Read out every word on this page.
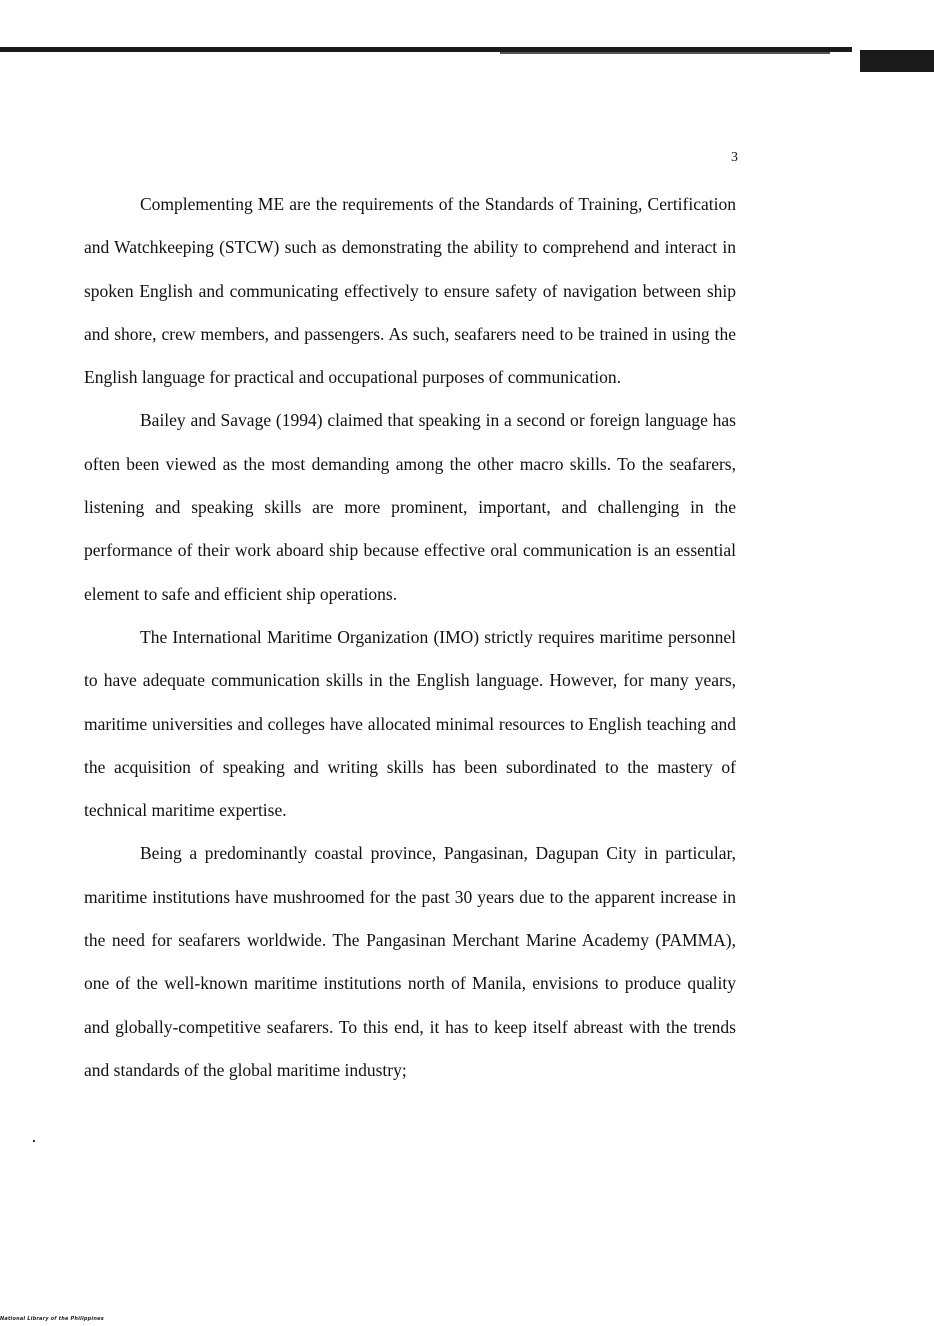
3

Complementing ME are the requirements of the Standards of Training, Certification and Watchkeeping (STCW) such as demonstrating the ability to comprehend and interact in spoken English and communicating effectively to ensure safety of navigation between ship and shore, crew members, and passengers. As such, seafarers need to be trained in using the English language for practical and occupational purposes of communication.

Bailey and Savage (1994) claimed that speaking in a second or foreign language has often been viewed as the most demanding among the other macro skills. To the seafarers, listening and speaking skills are more prominent, important, and challenging in the performance of their work aboard ship because effective oral communication is an essential element to safe and efficient ship operations.

The International Maritime Organization (IMO) strictly requires maritime personnel to have adequate communication skills in the English language. However, for many years, maritime universities and colleges have allocated minimal resources to English teaching and the acquisition of speaking and writing skills has been subordinated to the mastery of technical maritime expertise.

Being a predominantly coastal province, Pangasinan, Dagupan City in particular, maritime institutions have mushroomed for the past 30 years due to the apparent increase in the need for seafarers worldwide. The Pangasinan Merchant Marine Academy (PAMMA), one of the well-known maritime institutions north of Manila, envisions to produce quality and globally-competitive seafarers. To this end, it has to keep itself abreast with the trends and standards of the global maritime industry;

National Library of the Philippines
